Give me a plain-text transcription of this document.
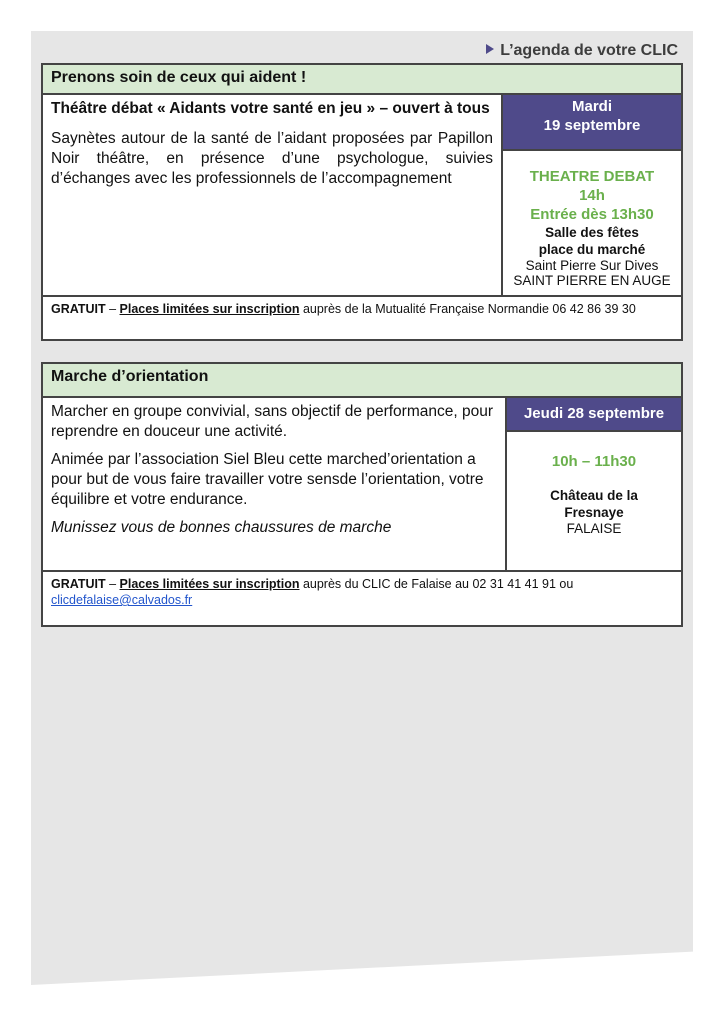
L’agenda de votre CLIC
Prenons soin de ceux qui aident !

Théâtre débat « Aidants votre santé en jeu » – ouvert à tous

Saynètes autour de la santé de l’aidant proposées par Papillon Noir théâtre, en présence d’une psychologue, suivies d’échanges avec les professionnels de l’accompagnement

Mardi
19 septembre
THEATRE DEBAT
14h
Entrée dès 13h30
Salle des fêtes
place du marché
Saint Pierre Sur Dives
SAINT PIERRE EN AUGE
GRATUIT – Places limitées sur inscription auprès de la Mutualité Française Normandie 06 42 86 39 30
Marche d’orientation

Marcher en groupe convivial, sans objectif de performance, pour reprendre en douceur une activité.

Animée par l’association Siel Bleu cette marched’orientation a pour but de vous faire travailler votre sensde l’orientation, votre équilibre et votre endurance.

Munissez vous de bonnes chaussures de marche

Jeudi 28 septembre
10h – 11h30
Château de la
Fresnaye
FALAISE
GRATUIT – Places limitées sur inscription auprès du CLIC de Falaise au 02 31 41 41 91 ou
clicdefalaise@calvados.fr
